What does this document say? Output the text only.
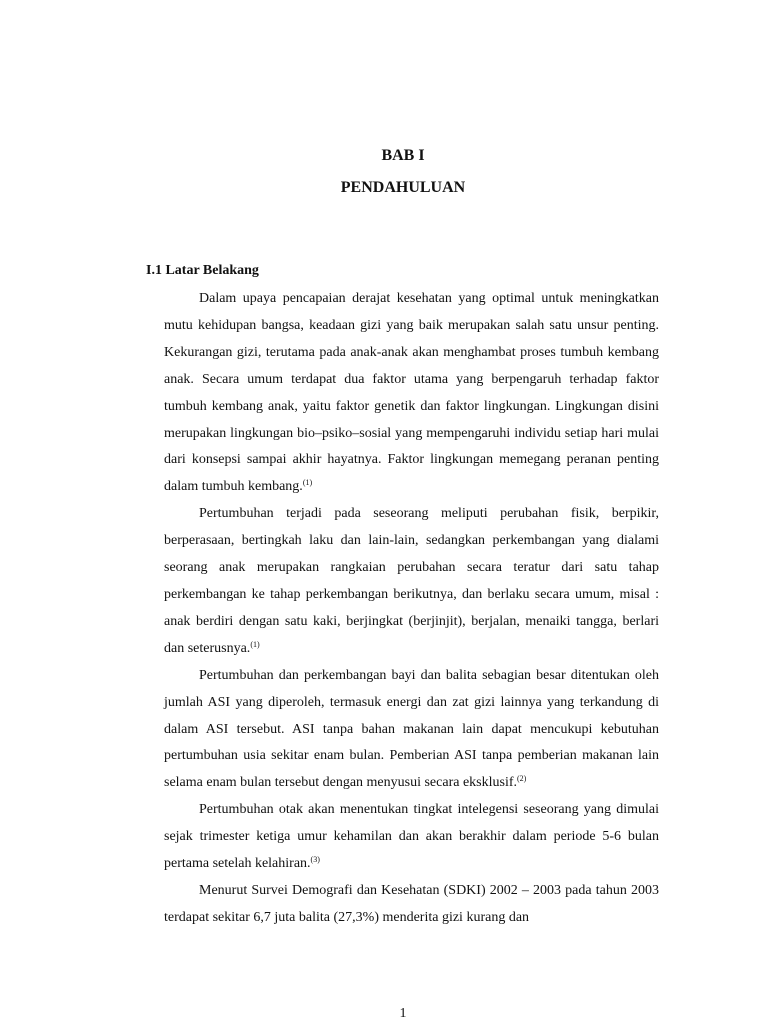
BAB I
PENDAHULUAN
I.1 Latar Belakang

Dalam upaya pencapaian derajat kesehatan yang optimal untuk meningkatkan mutu kehidupan bangsa, keadaan gizi yang baik merupakan salah satu unsur penting. Kekurangan gizi, terutama pada anak-anak akan menghambat proses tumbuh kembang anak. Secara umum terdapat dua faktor utama yang berpengaruh terhadap faktor tumbuh kembang anak, yaitu faktor genetik dan faktor lingkungan. Lingkungan disini merupakan lingkungan bio–psiko–sosial yang mempengaruhi individu setiap hari mulai dari konsepsi sampai akhir hayatnya. Faktor lingkungan memegang peranan penting dalam tumbuh kembang.$^{(1)}$

Pertumbuhan terjadi pada seseorang meliputi perubahan fisik, berpikir, berperasaan, bertingkah laku dan lain-lain, sedangkan perkembangan yang dialami seorang anak merupakan rangkaian perubahan secara teratur dari satu tahap perkembangan ke tahap perkembangan berikutnya, dan berlaku secara umum, misal : anak berdiri dengan satu kaki, berjingkat (berjinjit), berjalan, menaiki tangga, berlari dan seterusnya.$^{(1)}$

Pertumbuhan dan perkembangan bayi dan balita sebagian besar ditentukan oleh jumlah ASI yang diperoleh, termasuk energi dan zat gizi lainnya yang terkandung di dalam ASI tersebut. ASI tanpa bahan makanan lain dapat mencukupi kebutuhan pertumbuhan usia sekitar enam bulan. Pemberian ASI tanpa pemberian makanan lain selama enam bulan tersebut dengan menyusui secara eksklusif.$^{(2)}$

Pertumbuhan otak akan menentukan tingkat intelegensi seseorang yang dimulai sejak trimester ketiga umur kehamilan dan akan berakhir dalam periode 5-6 bulan pertama setelah kelahiran.$^{(3)}$

Menurut Survei Demografi dan Kesehatan (SDKI) 2002 – 2003 pada tahun 2003 terdapat sekitar 6,7 juta balita (27,3%) menderita gizi kurang dan

1
